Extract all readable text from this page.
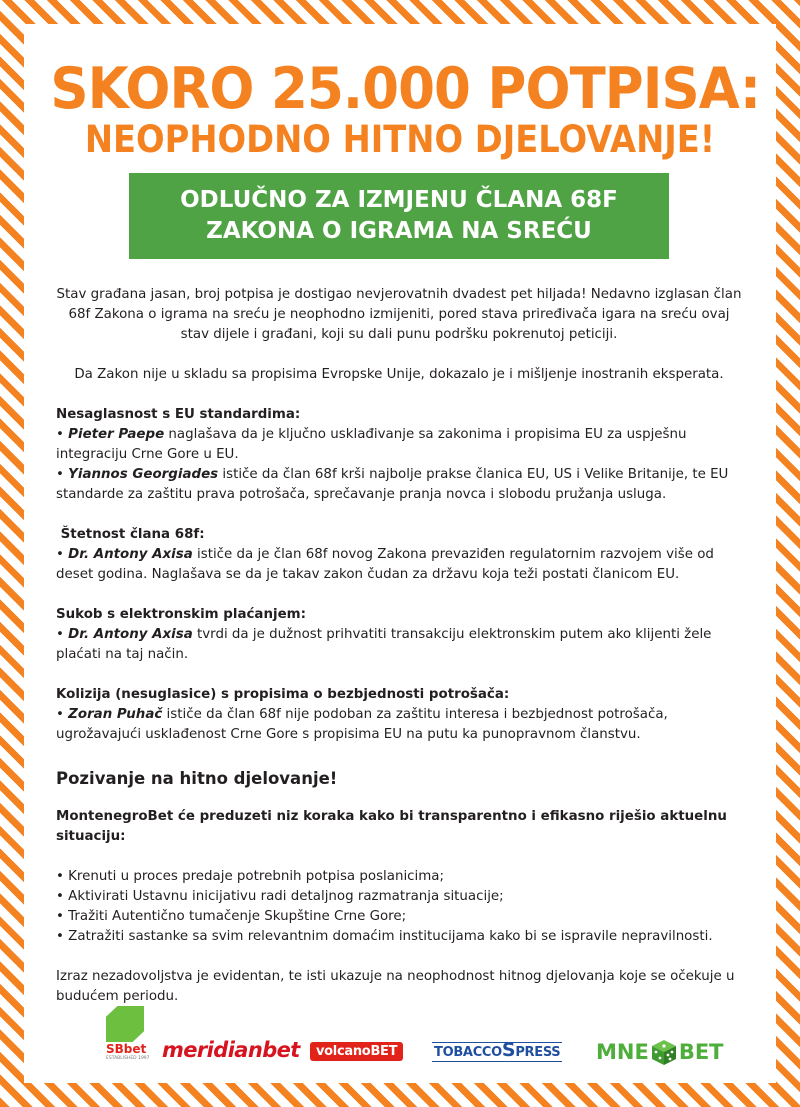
SKORO 25.000 POTPISA:
NEOPHODNO HITNO DJELOVANJE!
ODLUČNO ZA IZMJENU ČLANA 68F
ZAKONA O IGRAMA NA SREĆU

Stav građana jasan, broj potpisa je dostigao nevjerovatnih dvadest pet hiljada! Nedavno izglasan član 68f Zakona o igrama na sreću je neophodno izmijeniti, pored stava priređivača igara na sreću ovaj stav dijele i građani, koji su dali punu podršku pokrenutoj peticiji.

Da Zakon nije u skladu sa propisima Evropske Unije, dokazalo je i mišljenje inostranih eksperata.

Nesaglasnost s EU standardima:

• Pieter Paepe naglašava da je ključno usklađivanje sa zakonima i propisima EU za uspješnu integraciju Crne Gore u EU.

• Yiannos Georgiades ističe da član 68f krši najbolje prakse članica EU, US i Velike Britanije, te EU standarde za zaštitu prava potrošača, sprečavanje pranja novca i slobodu pružanja usluga.

Štetnost člana 68f:

• Dr. Antony Axisa ističe da je član 68f novog Zakona prevaziđen regulatornim razvojem više od deset godina. Naglašava se da je takav zakon čudan za državu koja teži postati članicom EU.

Sukob s elektronskim plaćanjem:

• Dr. Antony Axisa tvrdi da je dužnost prihvatiti transakciju elektronskim putem ako klijenti žele plaćati na taj način.

Kolizija (nesuglasice) s propisima o bezbjednosti potrošača:

• Zoran Puhač ističe da član 68f nije podoban za zaštitu interesa i bezbjednost potrošača, ugrožavajući usklađenost Crne Gore s propisima EU na putu ka punopravnom članstvu.

Pozivanje na hitno djelovanje!

MontenegroBet će preduzeti niz koraka kako bi transparentno i efikasno riješio aktuelnu situaciju:

• Krenuti u proces predaje potrebnih potpisa poslanicima;

• Aktivirati Ustavnu inicijativu radi detaljnog razmatranja situacije;

• Tražiti Autentično tumačenje Skupštine Crne Gore;

• Zatražiti sastanke sa svim relevantnim domaćim institucijama kako bi se ispravile nepravilnosti.

Izraz nezadovoljstva je evidentan, te isti ukazuje na neophodnost hitnog djelovanja koje se očekuje u budućem periodu.

SBbet
ESTABLISHED 1997 meridianbet	volcanoBET	TOBACCOSPRESS MNE BET
